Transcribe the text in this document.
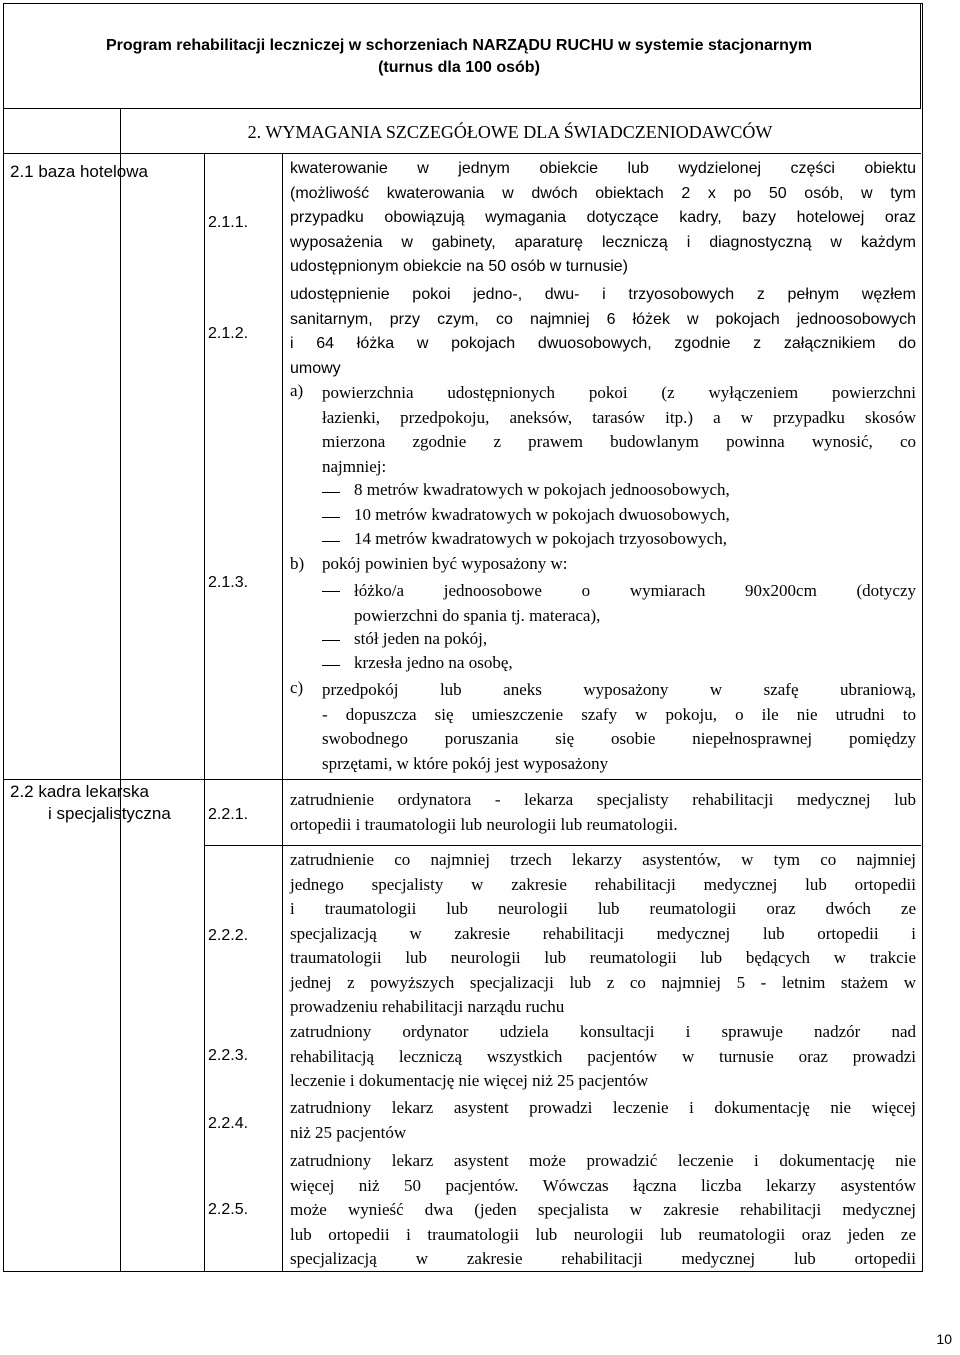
Program rehabilitacji leczniczej w schorzeniach NARZĄDU RUCHU w systemie stacjonarnym
(turnus dla 100 osób)
2. WYMAGANIA SZCZEGÓŁOWE DLA ŚWIADCZENIODAWCÓW
2.1 baza hotelowa
2.2 kadra lekarska
i specjalistyczna
2.1.1.
2.1.2.
2.1.3.
2.2.1.
2.2.2.
2.2.3.
2.2.4.
2.2.5.
kwaterowanie w jednym obiekcie lub wydzielonej części obiektu
(możliwość kwaterowania w dwóch obiektach 2 x po 50 osób, w tym
przypadku obowiązują wymagania dotyczące kadry, bazy hotelowej oraz
wyposażenia w gabinety, aparaturę leczniczą i diagnostyczną w każdym
udostępnionym obiekcie na 50 osób w turnusie)
udostępnienie pokoi jedno-, dwu- i trzyosobowych z pełnym węzłem
sanitarnym, przy czym, co najmniej 6 łóżek w pokojach jednoosobowych
i 64 łóżka w pokojach dwuosobowych, zgodnie z załącznikiem do
umowy
a) powierzchnia udostępnionych pokoi (z wyłączeniem powierzchni
łazienki, przedpokoju, aneksów, tarasów itp.) a w przypadku skosów
mierzona zgodnie z prawem budowlanym powinna wynosić, co
najmniej:
8 metrów kwadratowych w pokojach jednoosobowych,
10 metrów kwadratowych w pokojach dwuosobowych,
14 metrów kwadratowych w pokojach trzyosobowych,
b) pokój powinien być wyposażony w:
łóżko/a jednoosobowe o wymiarach 90x200cm (dotyczy
powierzchni do spania tj. materaca),
stół jeden na pokój,
krzesła jedno na osobę,
c) przedpokój lub aneks wyposażony w szafę ubraniową,
- dopuszcza się umieszczenie szafy w pokoju, o ile nie utrudni to
swobodnego poruszania się osobie niepełnosprawnej pomiędzy
sprzętami, w które pokój jest wyposażony
zatrudnienie ordynatora - lekarza specjalisty rehabilitacji medycznej lub
ortopedii i traumatologii lub neurologii lub reumatologii.
zatrudnienie co najmniej trzech lekarzy asystentów, w tym co najmniej
jednego specjalisty w zakresie rehabilitacji medycznej lub ortopedii
i traumatologii lub neurologii lub reumatologii oraz dwóch ze
specjalizacją w zakresie rehabilitacji medycznej lub ortopedii i
traumatologii lub neurologii lub reumatologii lub będących w trakcie
jednej z powyższych specjalizacji lub z co najmniej 5 - letnim stażem w
prowadzeniu rehabilitacji narządu ruchu
zatrudniony ordynator udziela konsultacji i sprawuje nadzór nad
rehabilitacją leczniczą wszystkich pacjentów w turnusie oraz prowadzi
leczenie i dokumentację nie więcej niż 25 pacjentów
zatrudniony lekarz asystent prowadzi leczenie i dokumentację nie więcej
niż 25 pacjentów
zatrudniony lekarz asystent może prowadzić leczenie i dokumentację nie
więcej niż 50 pacjentów. Wówczas łączna liczba lekarzy asystentów
może wynieść dwa (jeden specjalista w zakresie rehabilitacji medycznej
lub ortopedii i traumatologii lub neurologii lub reumatologii oraz jeden ze
specjalizacją w zakresie rehabilitacji medycznej lub ortopedii
10
